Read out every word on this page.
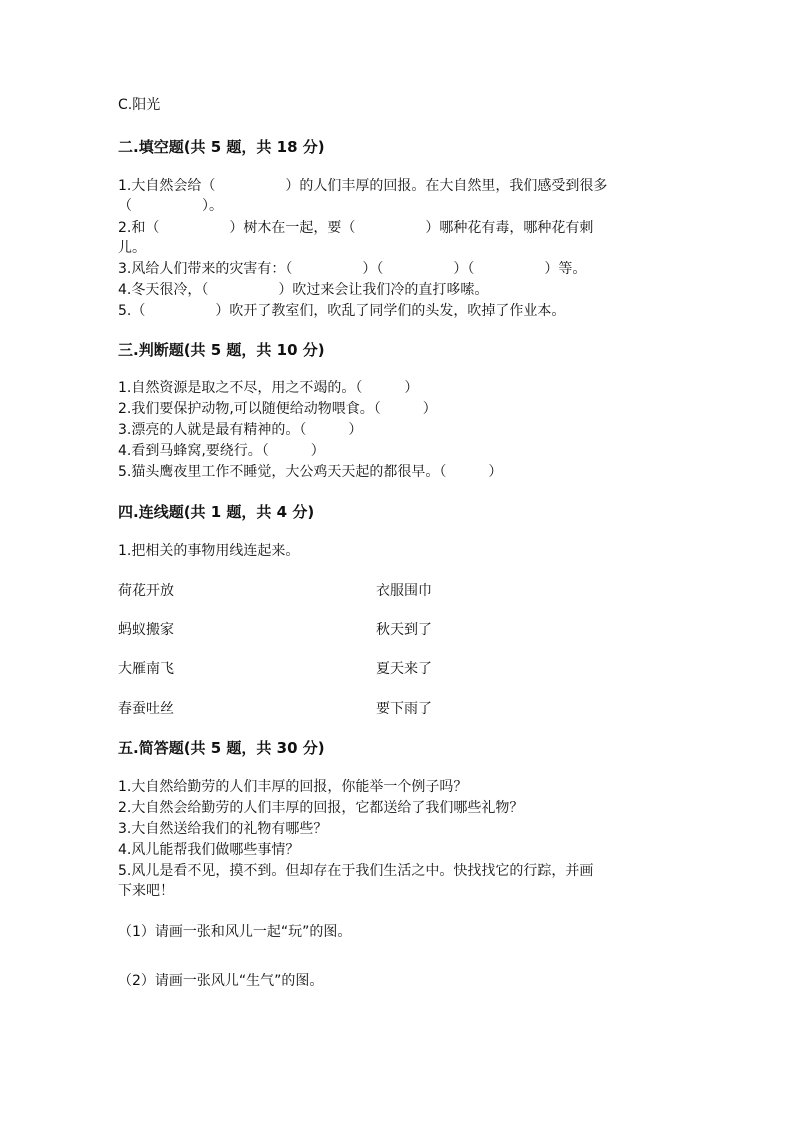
C.阳光
二.填空题(共 5 题，共 18 分)
1.大自然会给（　　　　　）的人们丰厚的回报。在大自然里，我们感受到很多
（　　　　　）。
2.和（　　　　　）树木在一起，要（　　　　　）哪种花有毒，哪种花有刺
儿。
3.风给人们带来的灾害有：（　　　　　）（　　　　　）（　　　　　）等。
4.冬天很冷，（　　　　　）吹过来会让我们冷的直打哆嗦。
5.（　　　　　）吹开了教室们，吹乱了同学们的头发，吹掉了作业本。
三.判断题(共 5 题，共 10 分)
1.自然资源是取之不尽，用之不竭的。（　　　）
2.我们要保护动物,可以随便给动物喂食。（　　　）
3.漂亮的人就是最有精神的。（　　　）
4.看到马蜂窝,要绕行。（　　　）
5.猫头鹰夜里工作不睡觉，大公鸡天天起的都很早。（　　　）
四.连线题(共 1 题，共 4 分)
1.把相关的事物用线连起来。
荷花开放	衣服围巾
蚂蚁搬家	秋天到了
大雁南飞	夏天来了
春蚕吐丝	要下雨了
五.简答题(共 5 题，共 30 分)
1.大自然给勤劳的人们丰厚的回报，你能举一个例子吗？
2.大自然会给勤劳的人们丰厚的回报，它都送给了我们哪些礼物？
3.大自然送给我们的礼物有哪些？
4.风儿能帮我们做哪些事情？
5.风儿是看不见，摸不到。但却存在于我们生活之中。快找找它的行踪，并画
下来吧！
（1）请画一张和风儿一起“玩”的图。
（2）请画一张风儿“生气”的图。
